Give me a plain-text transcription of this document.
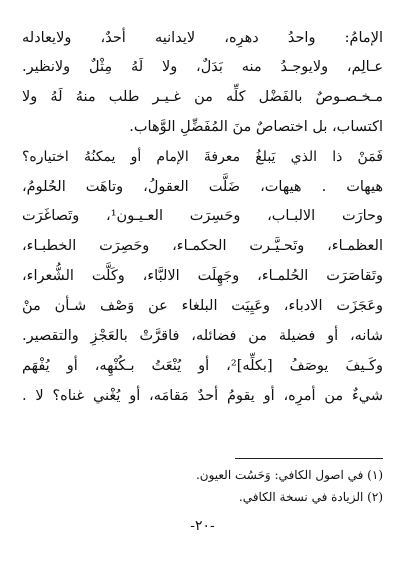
الإمامُ: واحدُ دهرِه، لايدانيه أحدٌ، ولايعادله
عـالِم، ولايوجـدُ منه بَدَلٌ، ولا لَهُ مِثْلٌ ولانظير.
مـخـصـوصٌ بالفَضْل كلِّه من غـيـر طلب منهُ لَهُ ولا
اكتساب، بل اختصاصٌ منَ المُفَضِّلِ الوَّهاب.
فَمَنْ ذا الذي يَبلغُ معرفةَ الإمام أو يمكنُهُ اختياره؟
هيهات . هيهات، ضَلَّت العقولُ، وتاهَت الحُلومُ،
وحارَت الالبـاب، وحَسِرَت العـيـون¹، وتَصاغَرَت
العظمـاء، وتَحـيَّـرت الحكمـاء، وحَصِرَت الخطبـاء،
وتَقاصَرَت الحُلمـاء، وجَهِلَت الالبَّاء، وكَلَّت الشُّعراء،
وعَجَزَت الادباء، وعَيِيَت البلغاء عن وَصْف شـأن منْ
شانه، أو فضيلة من فضائله، فاقرَّتْ بالعَجْزِ والتقصير.
وكَـيفَ يوصَفُ [بكلِّه]²، أو يُنْعَتُ بـكُنْهِه، أو يُفْهَم
شيءٌ من أمرِه، أو يقومُ أحدٌ مَقامَه، أو يُغْني غناه؟ لا .
(١) في اصول الكافي: وَحَسُت العيون.
(٢) الزيادة في نسخة الكافي.
-٢٠-
